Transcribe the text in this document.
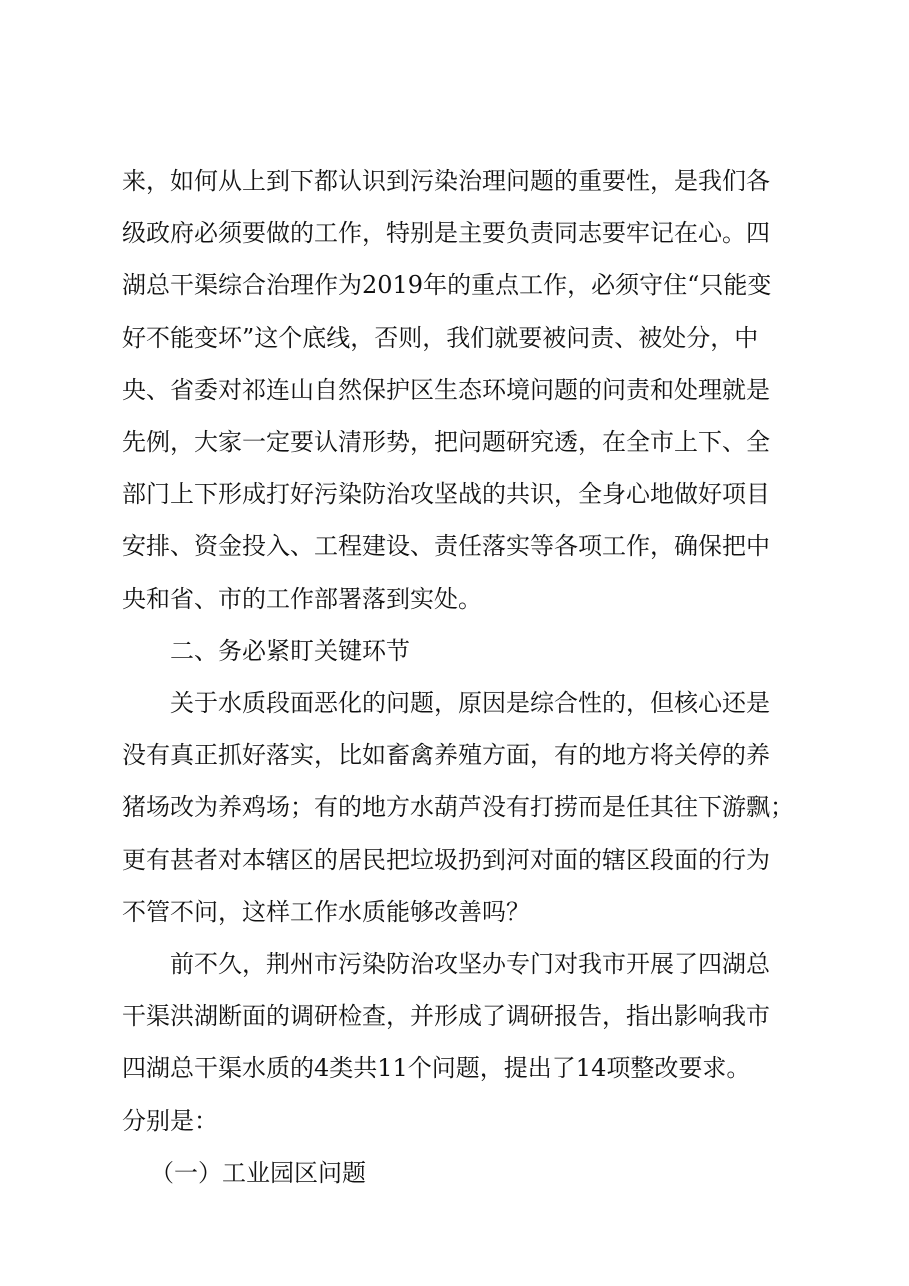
来，如何从上到下都认识到污染治理问题的重要性，是我们各
级政府必须要做的工作，特别是主要负责同志要牢记在心。四
湖总干渠综合治理作为2019年的重点工作，必须守住“只能变
好不能变坏”这个底线，否则，我们就要被问责、被处分，中
央、省委对祁连山自然保护区生态环境问题的问责和处理就是
先例，大家一定要认清形势，把问题研究透，在全市上下、全
部门上下形成打好污染防治攻坚战的共识，全身心地做好项目
安排、资金投入、工程建设、责任落实等各项工作，确保把中
央和省、市的工作部署落到实处。
二、务必紧盯关键环节
关于水质段面恶化的问题，原因是综合性的，但核心还是
没有真正抓好落实，比如畜禽养殖方面，有的地方将关停的养
猪场改为养鸡场；有的地方水葫芦没有打捞而是任其往下游飘；
更有甚者对本辖区的居民把垃圾扔到河对面的辖区段面的行为
不管不问，这样工作水质能够改善吗？
前不久，荆州市污染防治攻坚办专门对我市开展了四湖总
干渠洪湖断面的调研检查，并形成了调研报告，指出影响我市
四湖总干渠水质的4类共11个问题，提出了14项整改要求。
分别是：
（一）工业园区问题
